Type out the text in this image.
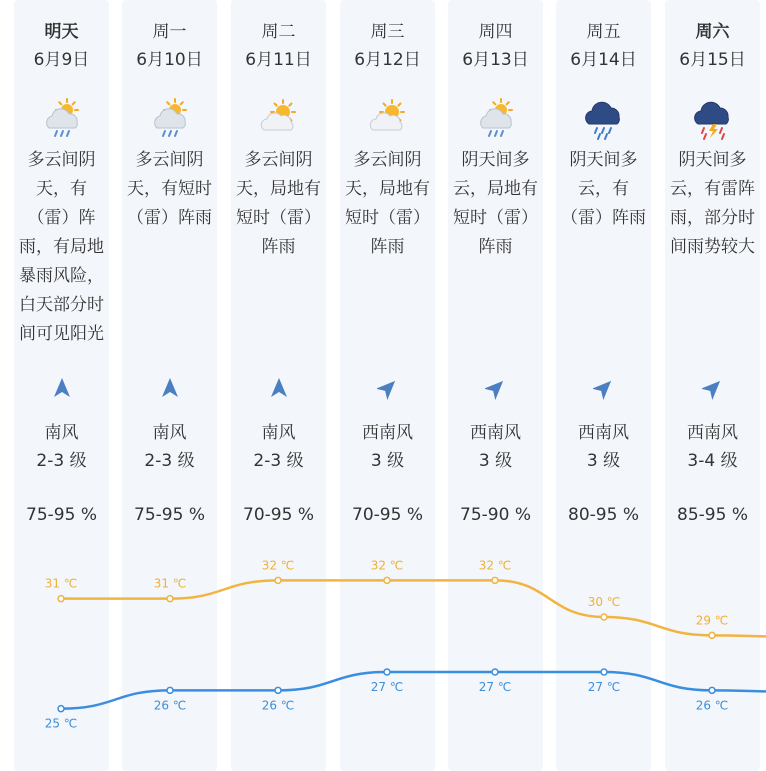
明天
6月9日
多云间阴天，有（雷）阵雨，有局地暴雨风险，白天部分时间可见阳光
南风
2-3 级
75-95 %
周一
6月10日
多云间阴天，有短时（雷）阵雨
南风
2-3 级
75-95 %
周二
6月11日
多云间阴天，局地有短时（雷）阵雨
南风
2-3 级
70-95 %
周三
6月12日
多云间阴天，局地有短时（雷）阵雨
西南风
3 级
70-95 %
周四
6月13日
阴天间多云，局地有短时（雷）阵雨
西南风
3 级
75-90 %
周五
6月14日
阴天间多云，有（雷）阵雨
西南风
3 级
80-95 %
周六
6月15日
阴天间多云，有雷阵雨，部分时间雨势较大
西南风
3-4 级
85-95 %
31 ℃	31 ℃
32 ℃	32 ℃	32 ℃
30 ℃
29 ℃
25 ℃
26 ℃	26 ℃
27 ℃	27 ℃	27 ℃
26 ℃
